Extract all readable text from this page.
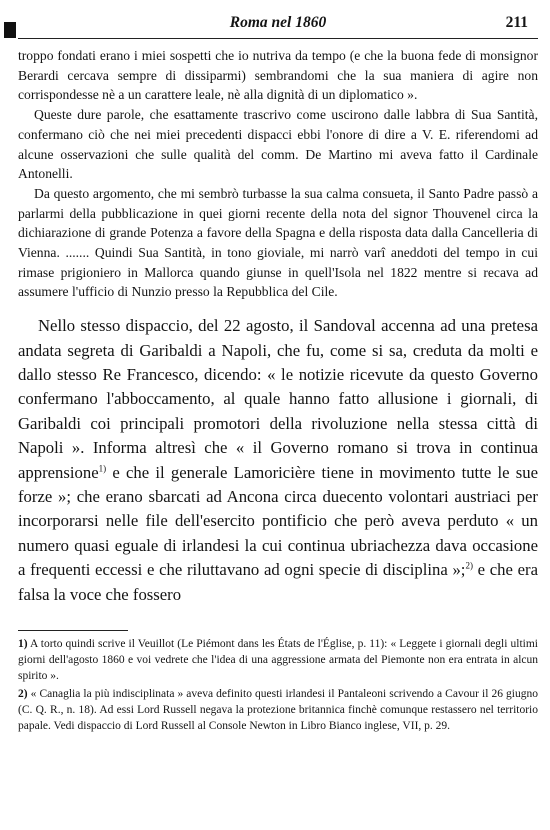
Roma nel 1860	211

troppo fondati erano i miei sospetti che io nutriva da tempo (e che la buona fede di monsignor Berardi cercava sempre di dissiparmi) sembrandomi che la sua maniera di agire non corrispondesse nè a un carattere leale, nè alla dignità di un diplomatico ».

Queste dure parole, che esattamente trascrivo come uscirono dalle labbra di Sua Santità, confermano ciò che nei miei precedenti dispacci ebbi l'onore di dire a V. E. riferendomi ad alcune osservazioni che sulle qualità del comm. De Martino mi aveva fatto il Cardinale Antonelli.

Da questo argomento, che mi sembrò turbasse la sua calma consueta, il Santo Padre passò a parlarmi della pubblicazione in quei giorni recente della nota del signor Thouvenel circa la dichiarazione di grande Potenza a favore della Spagna e della risposta data dalla Cancelleria di Vienna. ....... Quindi Sua Santità, in tono gioviale, mi narrò varî aneddoti del tempo in cui rimase prigioniero in Mallorca quando giunse in quell'Isola nel 1822 mentre si recava ad assumere l'ufficio di Nunzio presso la Repubblica del Cile.

Nello stesso dispaccio, del 22 agosto, il Sandoval accenna ad una pretesa andata segreta di Garibaldi a Napoli, che fu, come si sa, creduta da molti e dallo stesso Re Francesco, dicendo: « le notizie ricevute da questo Governo confermano l'abboccamento, al quale hanno fatto allusione i giornali, di Garibaldi coi principali promotori della rivoluzione nella stessa città di Napoli ». Informa altresì che « il Governo romano si trova in continua apprensione$^{1)}$ e che il generale Lamoricière tiene in movimento tutte le sue forze »; che erano sbarcati ad Ancona circa duecento volontari austriaci per incorporarsi nelle file dell'esercito pontificio che però aveva perduto « un numero quasi eguale di irlandesi la cui continua ubriachezza dava occasione a frequenti eccessi e che riluttavano ad ogni specie di disciplina »;$^{2)}$ e che era falsa la voce che fossero

1) A torto quindi scrive il Veuillot (Le Piémont dans les États de l'Église, p. 11): « Leggete i giornali degli ultimi giorni dell'agosto 1860 e voi vedrete che l'idea di una aggressione armata del Piemonte non era entrata in alcun spirito ».

2) « Canaglia la più indisciplinata » aveva definito questi irlandesi il Pantaleoni scrivendo a Cavour il 26 giugno (C. Q. R., n. 18). Ad essi Lord Russell negava la protezione britannica finchè comunque restassero nel territorio papale. Vedi dispaccio di Lord Russell al Console Newton in Libro Bianco inglese, VII, p. 29.
